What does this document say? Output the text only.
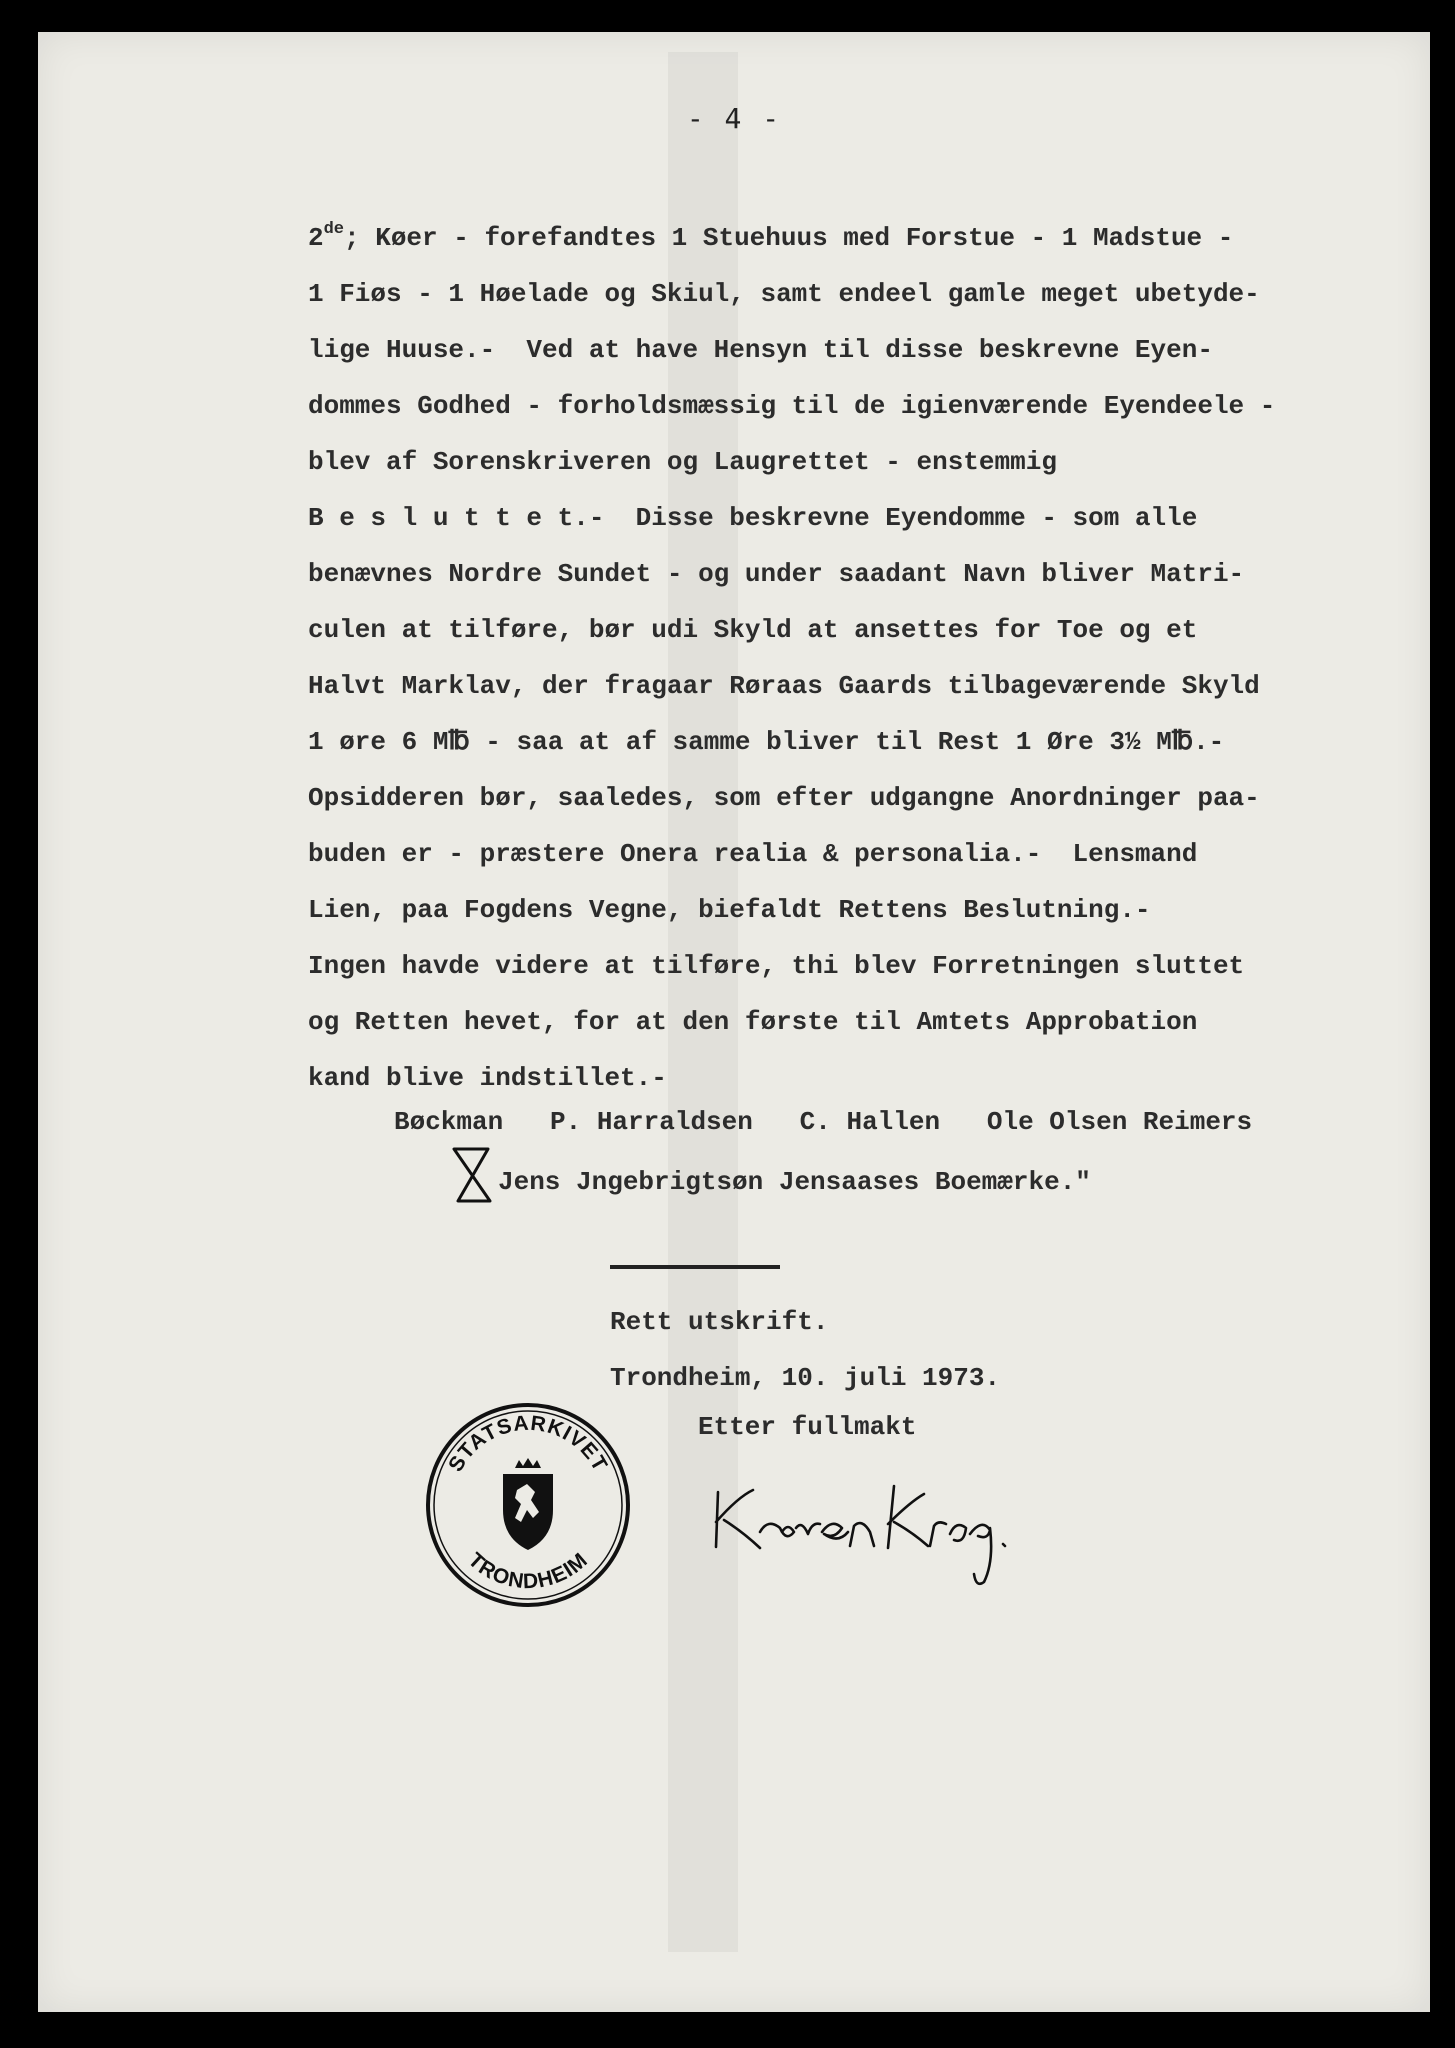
- 4 -
2de; Køer - forefandtes 1 Stuehuus med Forstue - 1 Madstue -
1 Fiøs - 1 Høelade og Skiul, samt endeel gamle meget ubetyde-
lige Huuse.-  Ved at have Hensyn til disse beskrevne Eyen-
dommes Godhed - forholdsmæssig til de igienværende Eyendeele -
blev af Sorenskriveren og Laugrettet - enstemmig
B e s l u t t e t.-  Disse beskrevne Eyendomme - som alle
benævnes Nordre Sundet - og under saadant Navn bliver Matri-
culen at tilføre, bør udi Skyld at ansettes for Toe og et
Halvt Marklav, der fragaar Røraas Gaards tilbageværende Skyld
1 øre 6 M℔ - saa at af samme bliver til Rest 1 Øre 3½ M℔.-
Opsidderen bør, saaledes, som efter udgangne Anordninger paa-
buden er - præstere Onera realia & personalia.-  Lensmand
Lien, paa Fogdens Vegne, biefaldt Rettens Beslutning.-
Ingen havde videre at tilføre, thi blev Forretningen sluttet
og Retten hevet, for at den første til Amtets Approbation
kand blive indstillet.-
Bøckman   P. Harraldsen   C. Hallen   Ole Olsen Reimers
Jens Jngebrigtsøn Jensaases Boemærke."
Rett utskrift.
Trondheim, 10. juli 1973.
Etter fullmakt
STATSARKIVET
TRONDHEIM
